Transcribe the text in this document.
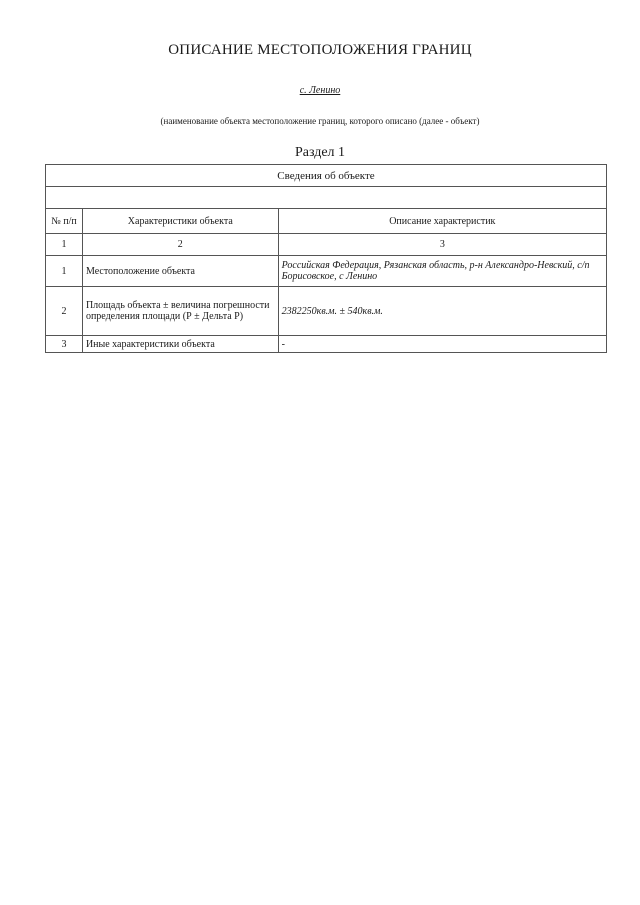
ОПИСАНИЕ МЕСТОПОЛОЖЕНИЯ ГРАНИЦ
с. Ленино
(наименование объекта местоположение границ, которого описано (далее - объект)
Раздел 1
Сведения об объекте		

№ п/п	Характеристики объекта	Описание характеристик
1	2	3
1	Местоположение объекта	Российская Федерация, Рязанская область, р-н Александро-Невский, с/п Борисовское, с Ленино
2	Площадь объекта ± величина погрешности определения площади (Р ± Дельта Р)	2382250кв.м. ± 540кв.м.
3	Иные характеристики объекта	-
